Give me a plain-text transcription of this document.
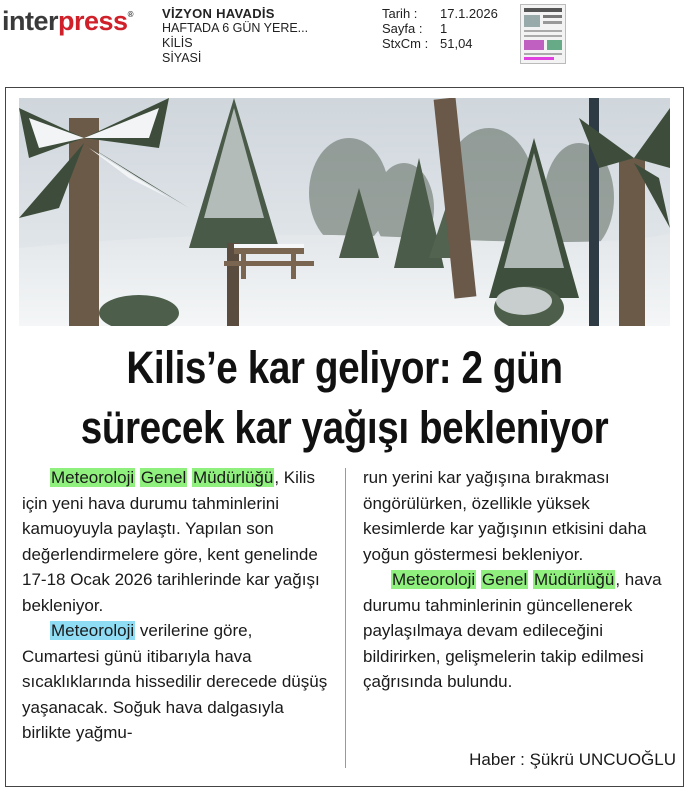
interpress® VİZYON HAVADİS
HAFTADA 6 GÜN YERE...
KİLİS
SİYASİ
Tarih : 17.1.2026
Sayfa : 1
StxCm : 51,04
Kilis’e kar geliyor: 2 gün
sürecek kar yağışı bekleniyor

Meteoroloji Genel Müdürlüğü, Kilis için yeni hava durumu tahminlerini kamuoyuyla paylaştı. Yapılan son değerlendirmelere göre, kent genelinde 17-18 Ocak 2026 tarihlerinde kar yağışı bekleniyor.

Meteoroloji verilerine göre, Cumartesi günü itibarıyla hava sıcaklıklarında hissedilir derecede düşüş yaşanacak. Soğuk hava dalgasıyla birlikte yağmu-

run yerini kar yağışına bırakması öngörülürken, özellikle yüksek kesimlerde kar yağışının etkisini daha yoğun göstermesi bekleniyor.

Meteoroloji Genel Müdürlüğü, hava durumu tahminlerinin güncellenerek paylaşılmaya devam edileceğini bildirirken, gelişmelerin takip edilmesi çağrısında bulundu.

Haber : Şükrü UNCUOĞLU
